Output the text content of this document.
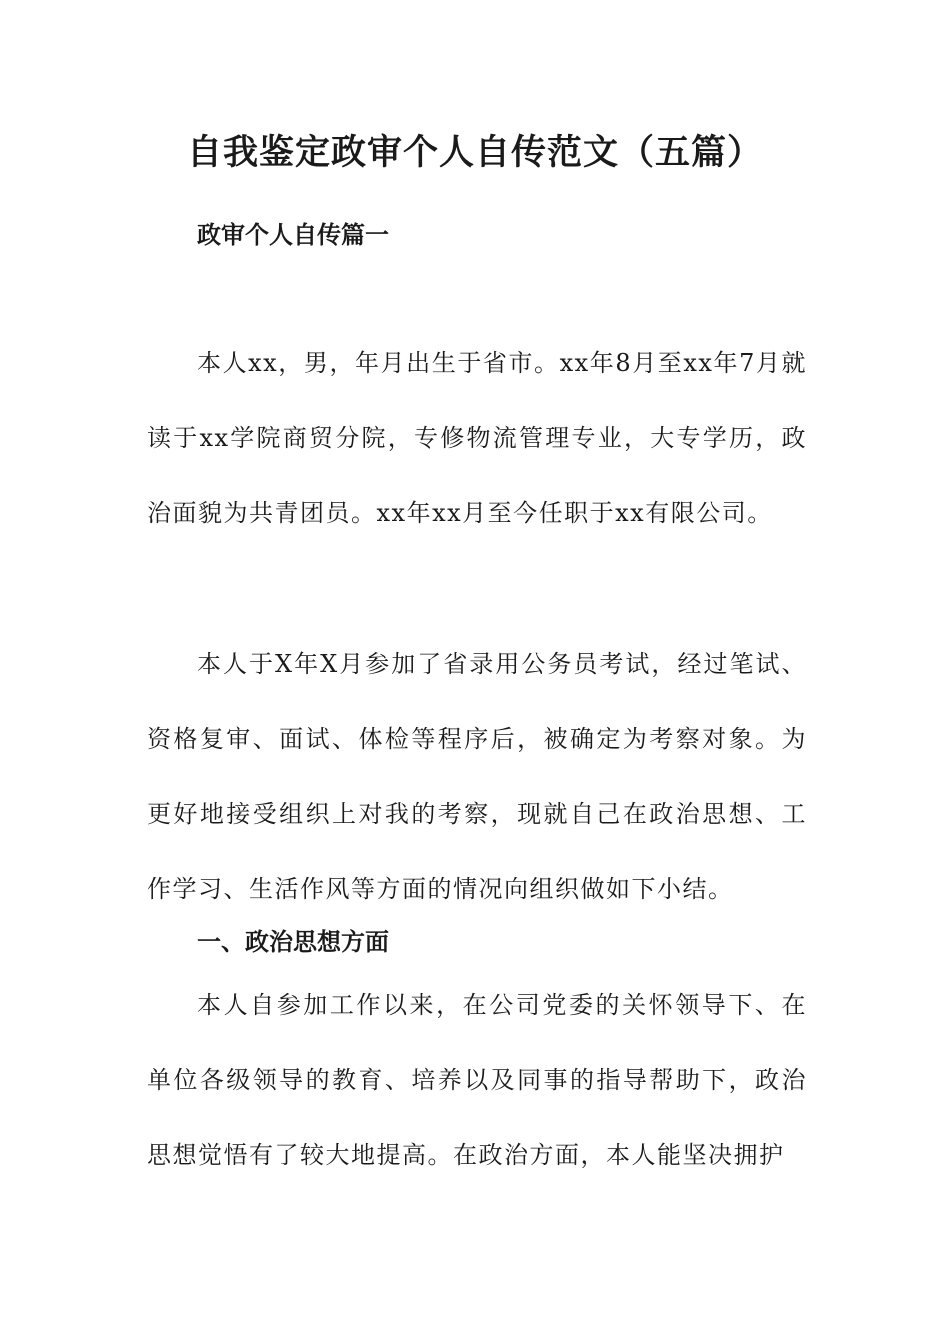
自我鉴定政审个人自传范文（五篇）
政审个人自传篇一

本人xx，男，年月出生于省市。xx年8月至xx年7月就读于xx学院商贸分院，专修物流管理专业，大专学历，政治面貌为共青团员。xx年xx月至今任职于xx有限公司。

本人于X年X月参加了省录用公务员考试，经过笔试、资格复审、面试、体检等程序后，被确定为考察对象。为更好地接受组织上对我的考察，现就自己在政治思想、工作学习、生活作风等方面的情况向组织做如下小结。

一、政治思想方面

本人自参加工作以来，在公司党委的关怀领导下、在单位各级领导的教育、培养以及同事的指导帮助下，政治思想觉悟有了较大地提高。在政治方面，本人能坚决拥护
